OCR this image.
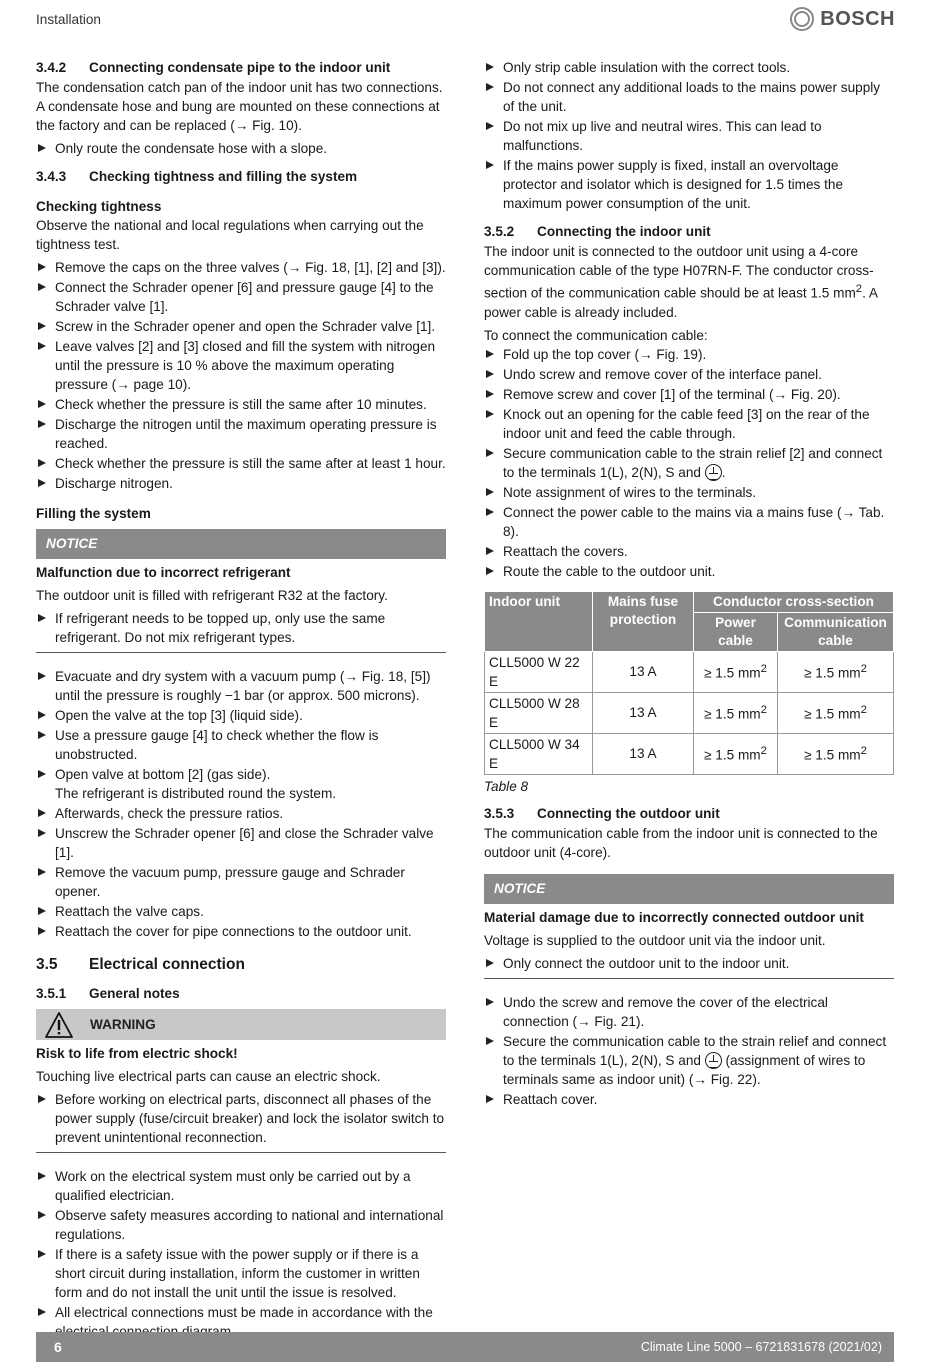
Installation	BOSCH
3.4.2	Connecting condensate pipe to the indoor unit

The condensation catch pan of the indoor unit has two connections.

A condensate hose and bung are mounted on these connections at the factory and can be replaced (→ Fig. 10).

Only route the condensate hose with a slope.
3.4.3	Checking tightness and filling the system
Checking tightness

Observe the national and local regulations when carrying out the tightness test.

Remove the caps on the three valves (→ Fig. 18, [1], [2] and [3]).
Connect the Schrader opener [6] and pressure gauge [4] to the Schrader valve [1].
Screw in the Schrader opener and open the Schrader valve [1].
Leave valves [2] and [3] closed and fill the system with nitrogen until the pressure is 10 % above the maximum operating pressure (→ page 10).
Check whether the pressure is still the same after 10 minutes.
Discharge the nitrogen until the maximum operating pressure is reached.
Check whether the pressure is still the same after at least 1 hour.
Discharge nitrogen.
Filling the system
NOTICE
Malfunction due to incorrect refrigerant

The outdoor unit is filled with refrigerant R32 at the factory.

If refrigerant needs to be topped up, only use the same refrigerant. Do not mix refrigerant types.
Evacuate and dry system with a vacuum pump (→ Fig. 18, [5]) until the pressure is roughly −1 bar (or approx. 500 microns).
Open the valve at the top [3] (liquid side).
Use a pressure gauge [4] to check whether the flow is unobstructed.
Open valve at bottom [2] (gas side).
The refrigerant is distributed round the system.
Afterwards, check the pressure ratios.
Unscrew the Schrader opener [6] and close the Schrader valve [1].
Remove the vacuum pump, pressure gauge and Schrader opener.
Reattach the valve caps.
Reattach the cover for pipe connections to the outdoor unit.
3.5	Electrical connection
3.5.1	General notes
WARNING
Risk to life from electric shock!

Touching live electrical parts can cause an electric shock.

Before working on electrical parts, disconnect all phases of the power supply (fuse/circuit breaker) and lock the isolator switch to prevent unintentional reconnection.
Work on the electrical system must only be carried out by a qualified electrician.
Observe safety measures according to national and international regulations.
If there is a safety issue with the power supply or if there is a short circuit during installation, inform the customer in written form and do not install the unit until the issue is resolved.
All electrical connections must be made in accordance with the
Only strip cable insulation with the correct tools.
Do not connect any additional loads to the mains power supply of the unit.
Do not mix up live and neutral wires. This can lead to malfunctions.
If the mains power supply is fixed, install an overvoltage protector and isolator which is designed for 1.5 times the maximum power consumption of the unit.
3.5.2	Connecting the indoor unit

The indoor unit is connected to the outdoor unit using a 4-core communication cable of the type H07RN-F. The conductor cross-section of the communication cable should be at least 1.5 $mm^2$. A power cable is already included.

To connect the communication cable:

Fold up the top cover (→ Fig. 19).
Undo screw and remove cover of the interface panel.
Remove screw and cover [1] of the terminal (→ Fig. 20).
Knock out an opening for the cable feed [3] on the rear of the indoor unit and feed the cable through.
Secure communication cable to the strain relief [2] and connect to the terminals 1(L), 2(N), S and .
Note assignment of wires to the terminals.
Connect the power cable to the mains via a mains fuse (→ Tab. 8).
Reattach the covers.
Route the cable to the outdoor unit.
Indoor unit	Mains fuse protection	Conductor cross-section	
		Power cable	Communication cable
CLL5000 W 22 E	13 A	≥ 1.5 $mm^2$	≥ 1.5 $mm^2$
CLL5000 W 28 E	13 A	≥ 1.5 $mm^2$	≥ 1.5 $mm^2$
CLL5000 W 34 E	13 A	≥ 1.5 $mm^2$	≥ 1.5 $mm^2$
Table 8
3.5.3	Connecting the outdoor unit

The communication cable from the indoor unit is connected to the outdoor unit (4-core).

NOTICE
Material damage due to incorrectly connected outdoor unit

Voltage is supplied to the outdoor unit via the indoor unit.

Only connect the outdoor unit to the indoor unit.
Undo the screw and remove the cover of the electrical connection (→ Fig. 21).
Secure the communication cable to the strain relief and connect to the terminals 1(L), 2(N), S and  (assignment of wires to terminals same as indoor unit) (→ Fig. 22).
Reattach cover.
6	Climate Line 5000 – 6721831678 (2021/02)
